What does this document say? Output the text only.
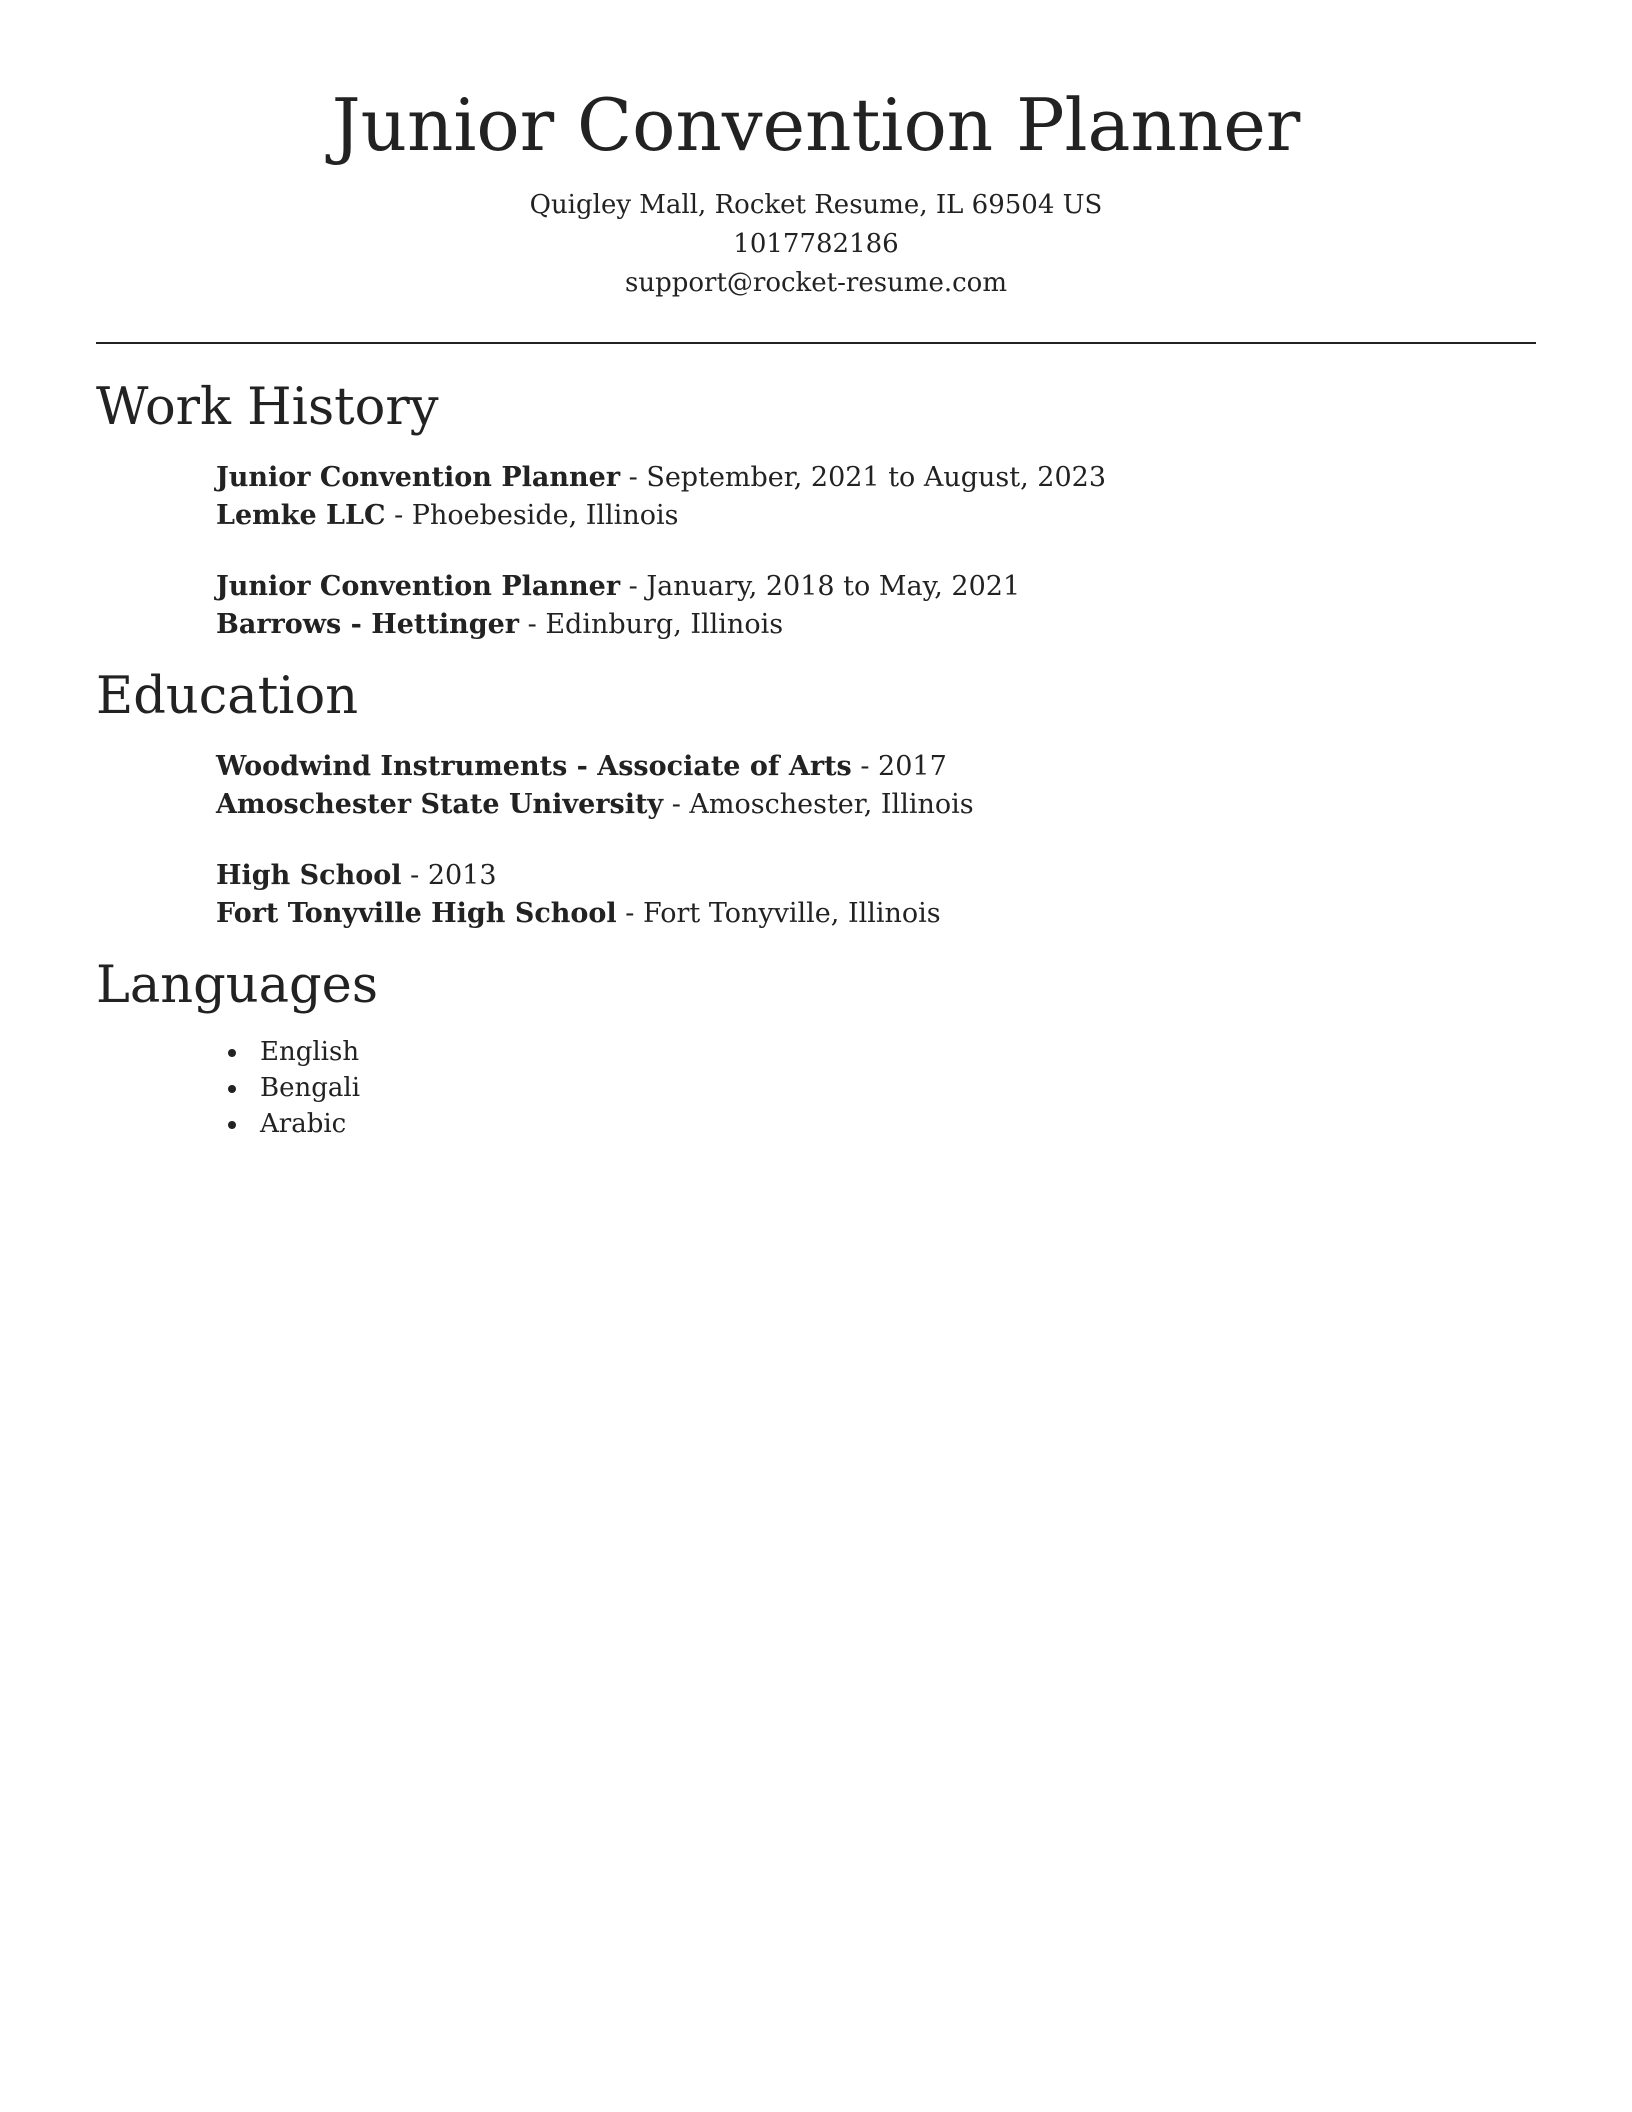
Junior Convention Planner
Quigley Mall, Rocket Resume, IL 69504 US
1017782186
support@rocket-resume.com
Work History
Junior Convention Planner - September, 2021 to August, 2023
Lemke LLC - Phoebeside, Illinois
Junior Convention Planner - January, 2018 to May, 2021
Barrows - Hettinger - Edinburg, Illinois
Education
Woodwind Instruments - Associate of Arts - 2017
Amoschester State University - Amoschester, Illinois
High School - 2013
Fort Tonyville High School - Fort Tonyville, Illinois
Languages
English
Bengali
Arabic
